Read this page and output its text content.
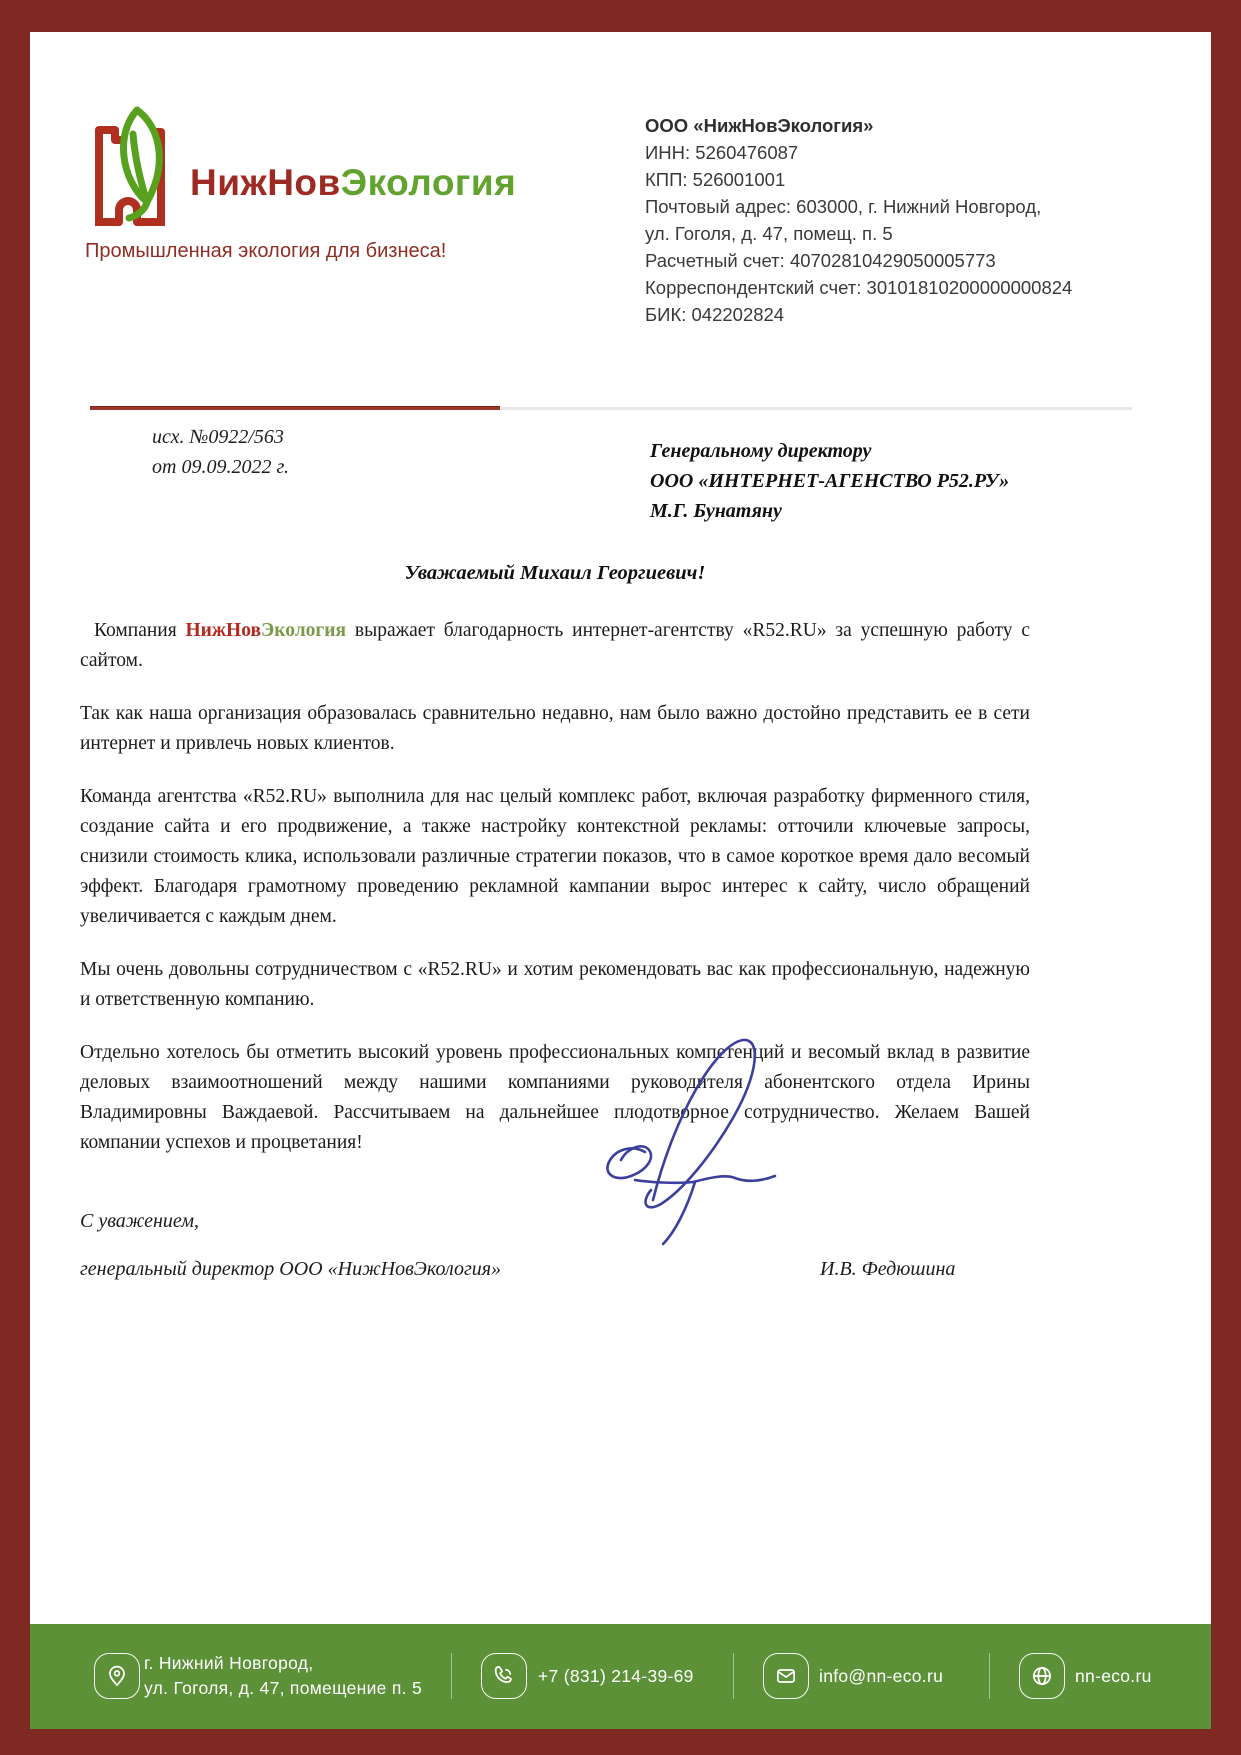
НижНовЭкология
Промышленная экология для бизнеса!
ООО «НижНовЭкология»
ИНН: 5260476087
КПП: 526001001
Почтовый адрес: 603000, г. Нижний Новгород,
ул. Гоголя, д. 47, помещ. п. 5
Расчетный счет: 40702810429050005773
Корреспондентский счет: 30101810200000000824
БИК: 042202824
исх. №0922/563
от 09.09.2022 г.
Генеральному директору
ООО «ИНТЕРНЕТ-АГЕНСТВО Р52.РУ»
М.Г. Бунатяну
Уважаемый Михаил Георгиевич!

Компания НижНовЭкология выражает благодарность интернет-агентству «R52.RU» за успешную работу с сайтом.

Так как наша организация образовалась сравнительно недавно, нам было важно достойно представить ее в сети интернет и привлечь новых клиентов.

Команда агентства «R52.RU» выполнила для нас целый комплекс работ, включая разработку фирменного стиля, создание сайта и его продвижение, а также настройку контекстной рекламы: отточили ключевые запросы, снизили стоимость клика, использовали различные стратегии показов, что в самое короткое время дало весомый эффект. Благодаря грамотному проведению рекламной кампании вырос интерес к сайту, число обращений увеличивается с каждым днем.

Мы очень довольны сотрудничеством с «R52.RU» и хотим рекомендовать вас как профессиональную, надежную и ответственную компанию.

Отдельно хотелось бы отметить высокий уровень профессиональных компетенций и весомый вклад в развитие деловых взаимоотношений между нашими компаниями руководителя абонентского отдела Ирины Владимировны Важдаевой. Рассчитываем на дальнейшее плодотворное сотрудничество. Желаем Вашей компании успехов и процветания!

С уважением,
генеральный директор ООО «НижНовЭкология»	И.В. Федюшина
г. Нижний Новгород,
ул. Гоголя, д. 47, помещение п. 5
+7 (831) 214-39-69	info@nn-eco.ru	nn-eco.ru
